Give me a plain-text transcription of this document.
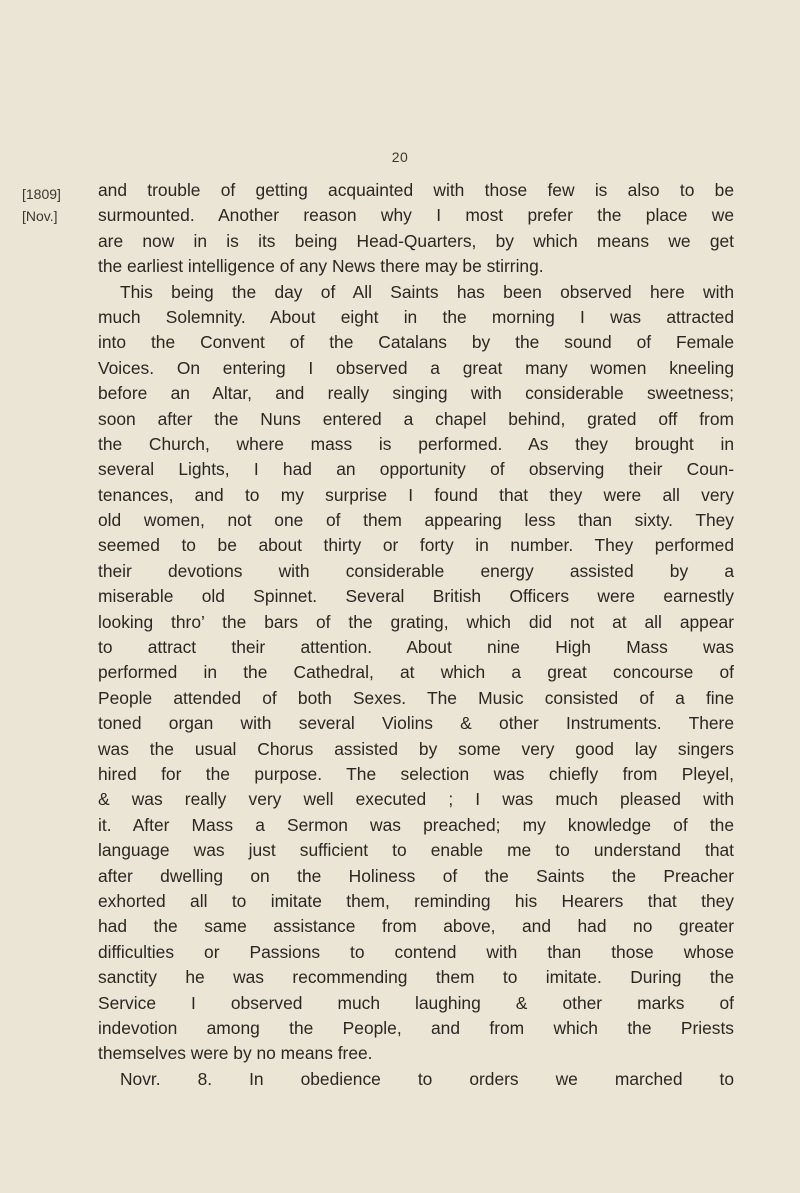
20
[1809]
[Nov.]
and trouble of getting acquainted with those few is also to be
surmounted. Another reason why I most prefer the place we
are now in is its being Head-Quarters, by which means we get
the earliest intelligence of any News there may be stirring.
This being the day of All Saints has been observed here with
much Solemnity. About eight in the morning I was attracted
into the Convent of the Catalans by the sound of Female
Voices. On entering I observed a great many women kneeling
before an Altar, and really singing with considerable sweetness;
soon after the Nuns entered a chapel behind, grated off from
the Church, where mass is performed. As they brought in
several Lights, I had an opportunity of observing their Coun-
tenances, and to my surprise I found that they were all very
old women, not one of them appearing less than sixty. They
seemed to be about thirty or forty in number. They performed
their devotions with considerable energy assisted by a
miserable old Spinnet. Several British Officers were earnestly
looking thro’ the bars of the grating, which did not at all appear
to attract their attention. About nine High Mass was
performed in the Cathedral, at which a great concourse of
People attended of both Sexes. The Music consisted of a fine
toned organ with several Violins & other Instruments. There
was the usual Chorus assisted by some very good lay singers
hired for the purpose. The selection was chiefly from Pleyel,
& was really very well executed ; I was much pleased with
it. After Mass a Sermon was preached; my knowledge of the
language was just sufficient to enable me to understand that
after dwelling on the Holiness of the Saints the Preacher
exhorted all to imitate them, reminding his Hearers that they
had the same assistance from above, and had no greater
difficulties or Passions to contend with than those whose
sanctity he was recommending them to imitate. During the
Service I observed much laughing & other marks of
indevotion among the People, and from which the Priests
themselves were by no means free.
Novr. 8. In obedience to orders we marched to
